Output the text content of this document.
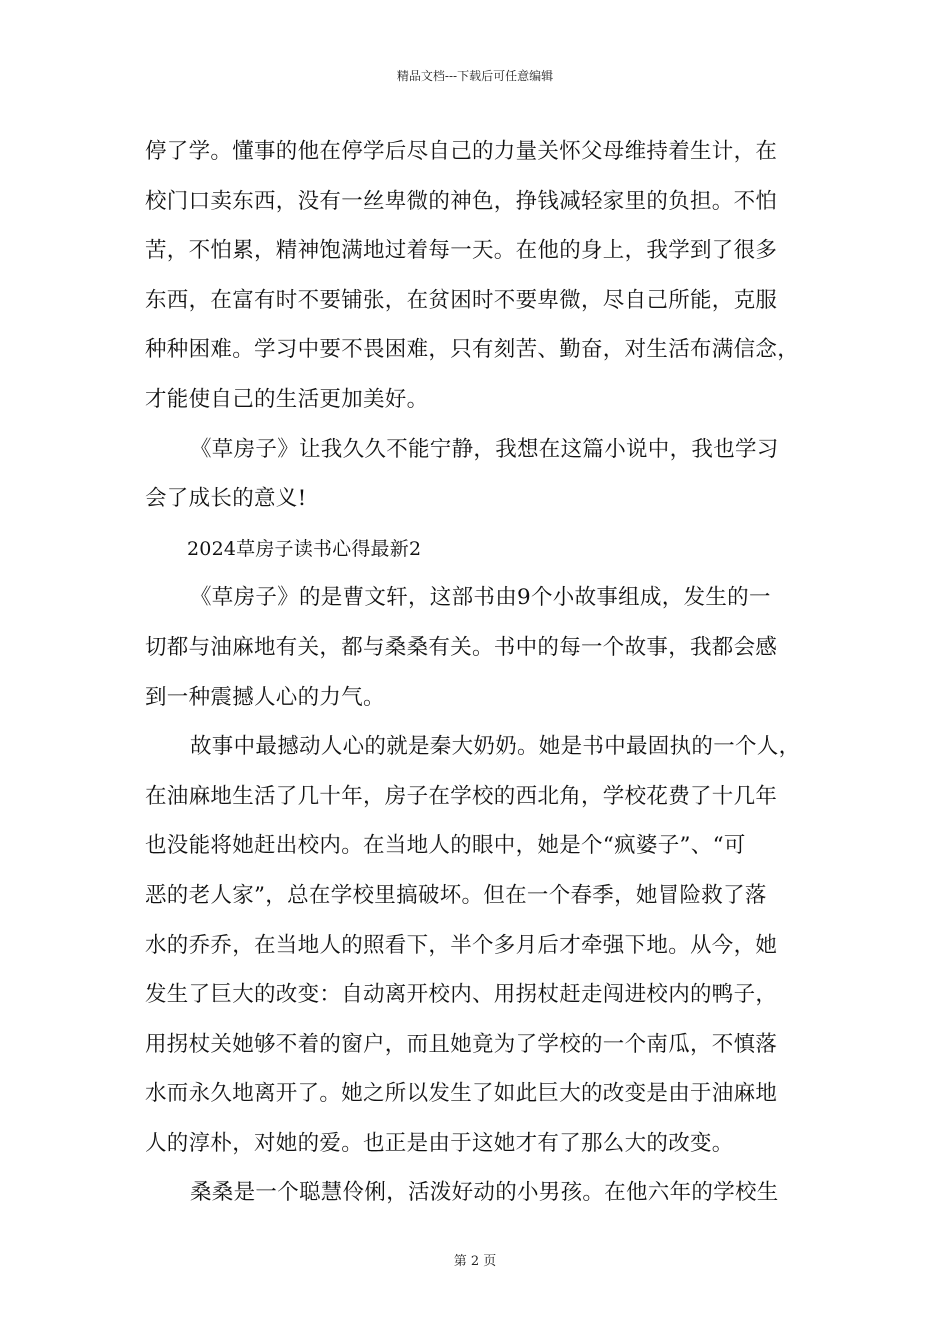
精品文档---下载后可任意编辑
停了学。懂事的他在停学后尽自己的力量关怀父母维持着生计，在
校门口卖东西，没有一丝卑微的神色，挣钱减轻家里的负担。不怕
苦，不怕累，精神饱满地过着每一天。在他的身上，我学到了很多
东西，在富有时不要铺张，在贫困时不要卑微，尽自己所能，克服
种种困难。学习中要不畏困难，只有刻苦、勤奋，对生活布满信念，
才能使自己的生活更加美好。
《草房子》让我久久不能宁静，我想在这篇小说中，我也学习
会了成长的意义!
2024草房子读书心得最新2
《草房子》的是曹文轩，这部书由9个小故事组成，发生的一
切都与油麻地有关，都与桑桑有关。书中的每一个故事，我都会感
到一种震撼人心的力气。
故事中最撼动人心的就是秦大奶奶。她是书中最固执的一个人，
在油麻地生活了几十年，房子在学校的西北角，学校花费了十几年
也没能将她赶出校内。在当地人的眼中，她是个“疯婆子”、“可
恶的老人家”，总在学校里搞破坏。但在一个春季，她冒险救了落
水的乔乔，在当地人的照看下，半个多月后才牵强下地。从今，她
发生了巨大的改变：自动离开校内、用拐杖赶走闯进校内的鸭子，
用拐杖关她够不着的窗户，而且她竟为了学校的一个南瓜，不慎落
水而永久地离开了。她之所以发生了如此巨大的改变是由于油麻地
人的淳朴，对她的爱。也正是由于这她才有了那么大的改变。
桑桑是一个聪慧伶俐，活泼好动的小男孩。在他六年的学校生
第 2 页
